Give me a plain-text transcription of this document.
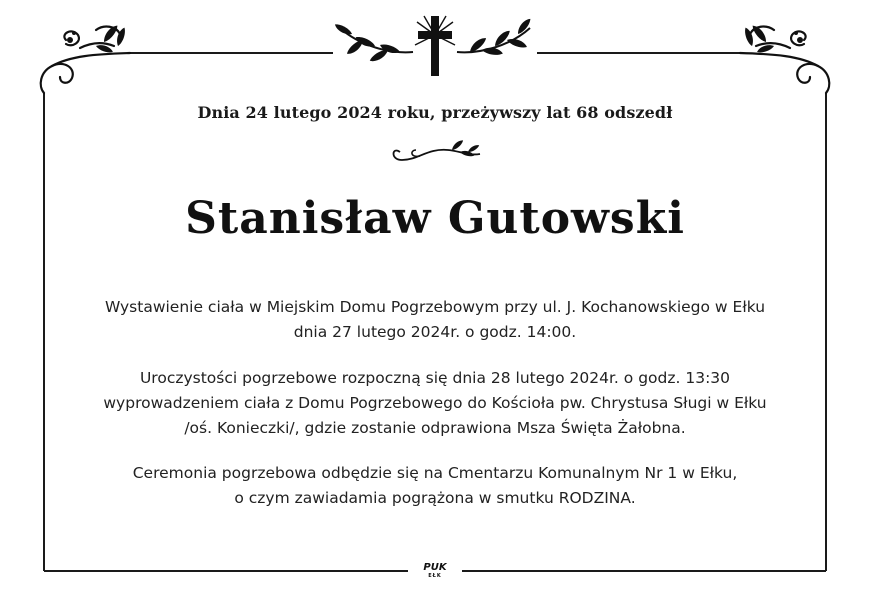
Dnia 24 lutego 2024 roku, przeżywszy lat 68 odszedł
Stanisław Gutowski
Wystawienie ciała w Miejskim Domu Pogrzebowym przy ul. J. Kochanowskiego w Ełku
dnia 27 lutego 2024r. o godz. 14:00.
Uroczystości pogrzebowe rozpoczną się dnia 28 lutego 2024r. o godz. 13:30
wyprowadzeniem ciała z Domu Pogrzebowego do Kościoła pw. Chrystusa Sługi w Ełku
/oś. Konieczki/, gdzie zostanie odprawiona Msza Święta Żałobna.
Ceremonia pogrzebowa odbędzie się na Cmentarzu Komunalnym Nr 1 w Ełku,
o czym zawiadamia pogrążona w smutku RODZINA.
PUK
EŁK
